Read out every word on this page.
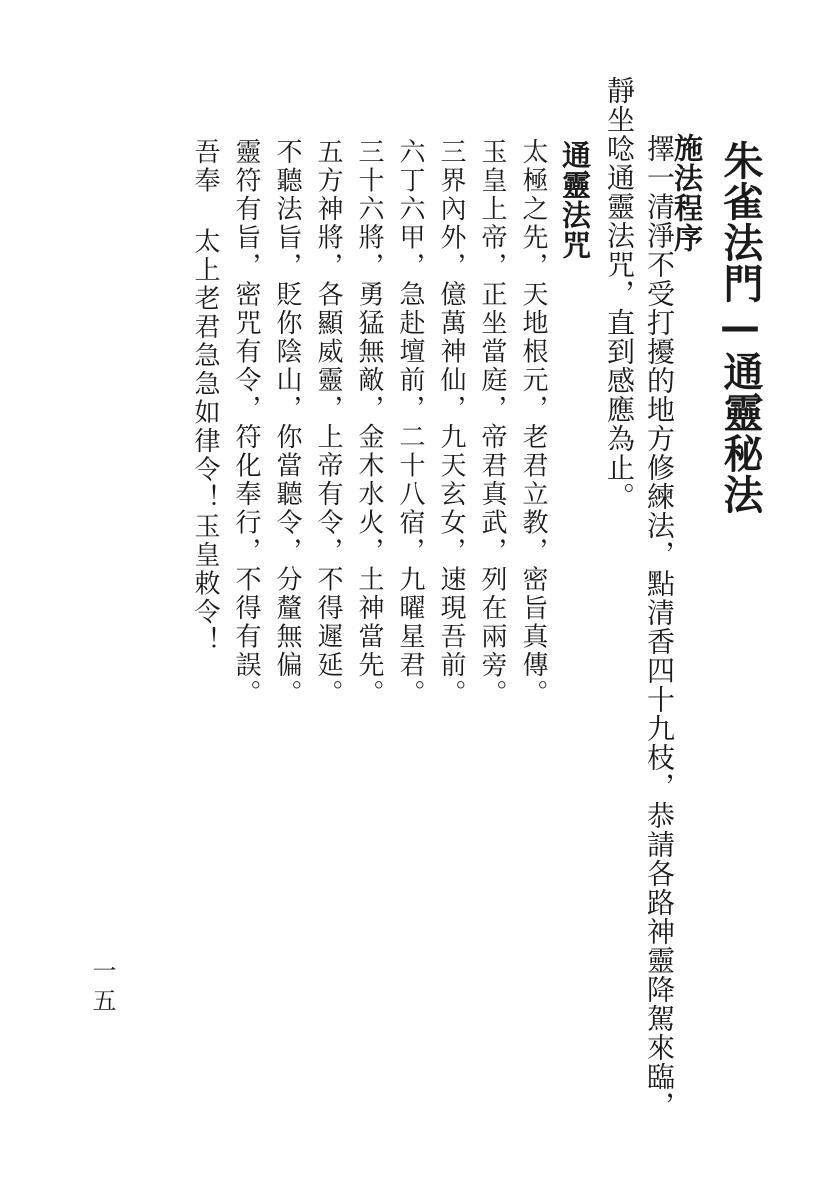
朱雀法門—通靈秘法
施法程序
擇一清淨不受打擾的地方修練法，點清香四十九枝，恭請各路神靈降駕來臨，
靜坐唸通靈法咒，直到感應為止。
通靈法咒
太極之先，天地根元，老君立教，密旨真傳。
玉皇上帝，正坐當庭，帝君真武，列在兩旁。
三界內外，億萬神仙，九天玄女，速現吾前。
六丁六甲，急赴壇前，二十八宿，九曜星君。
三十六將，勇猛無敵，金木水火，土神當先。
五方神將，各顯威靈，上帝有令，不得遲延。
不聽法旨，貶你陰山，你當聽令，分釐無偏。
靈符有旨，密咒有令，符化奉行，不得有誤。
吾奉 太上老君急急如律令！玉皇敕令！
一五
